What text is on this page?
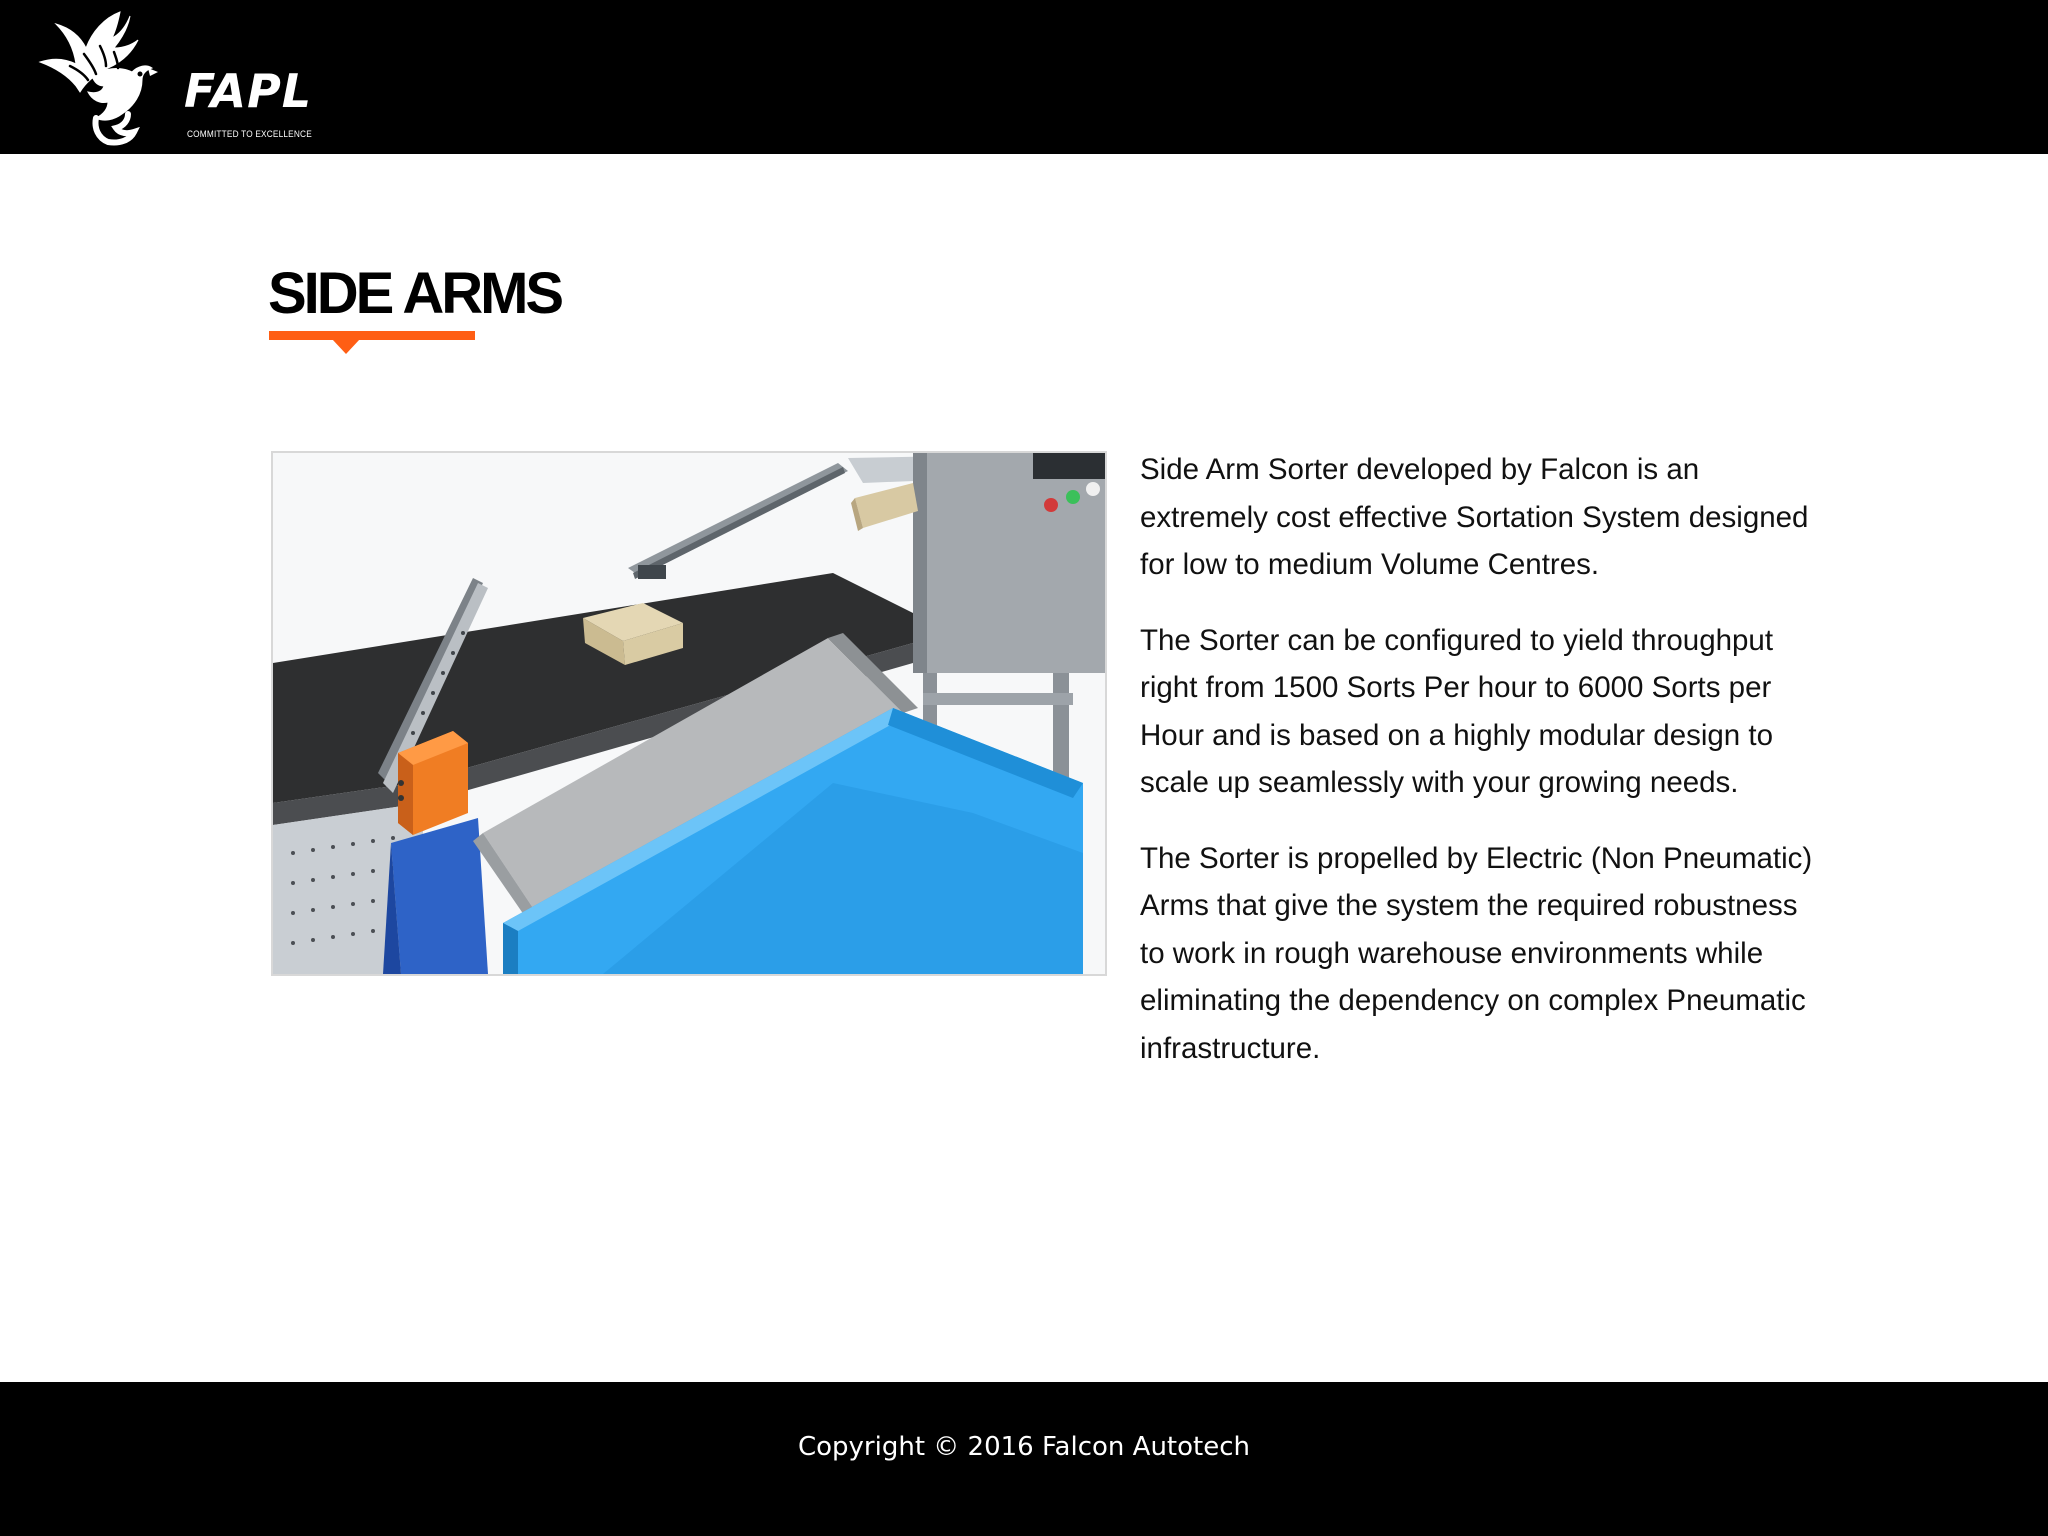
FAPL
COMMITTED TO EXCELLENCE
SIDE ARMS

Side Arm Sorter developed by Falcon is an extremely cost effective Sortation System designed for low to medium Volume Centres.

The Sorter can be configured to yield throughput right from 1500 Sorts Per hour to 6000 Sorts per Hour and is based on a highly modular design to scale up seamlessly with your growing needs.

The Sorter is propelled by Electric (Non Pneumatic) Arms that give the system the required robustness to work in rough warehouse environments while eliminating the dependency on complex Pneumatic infrastructure.

Copyright © 2016 Falcon Autotech
